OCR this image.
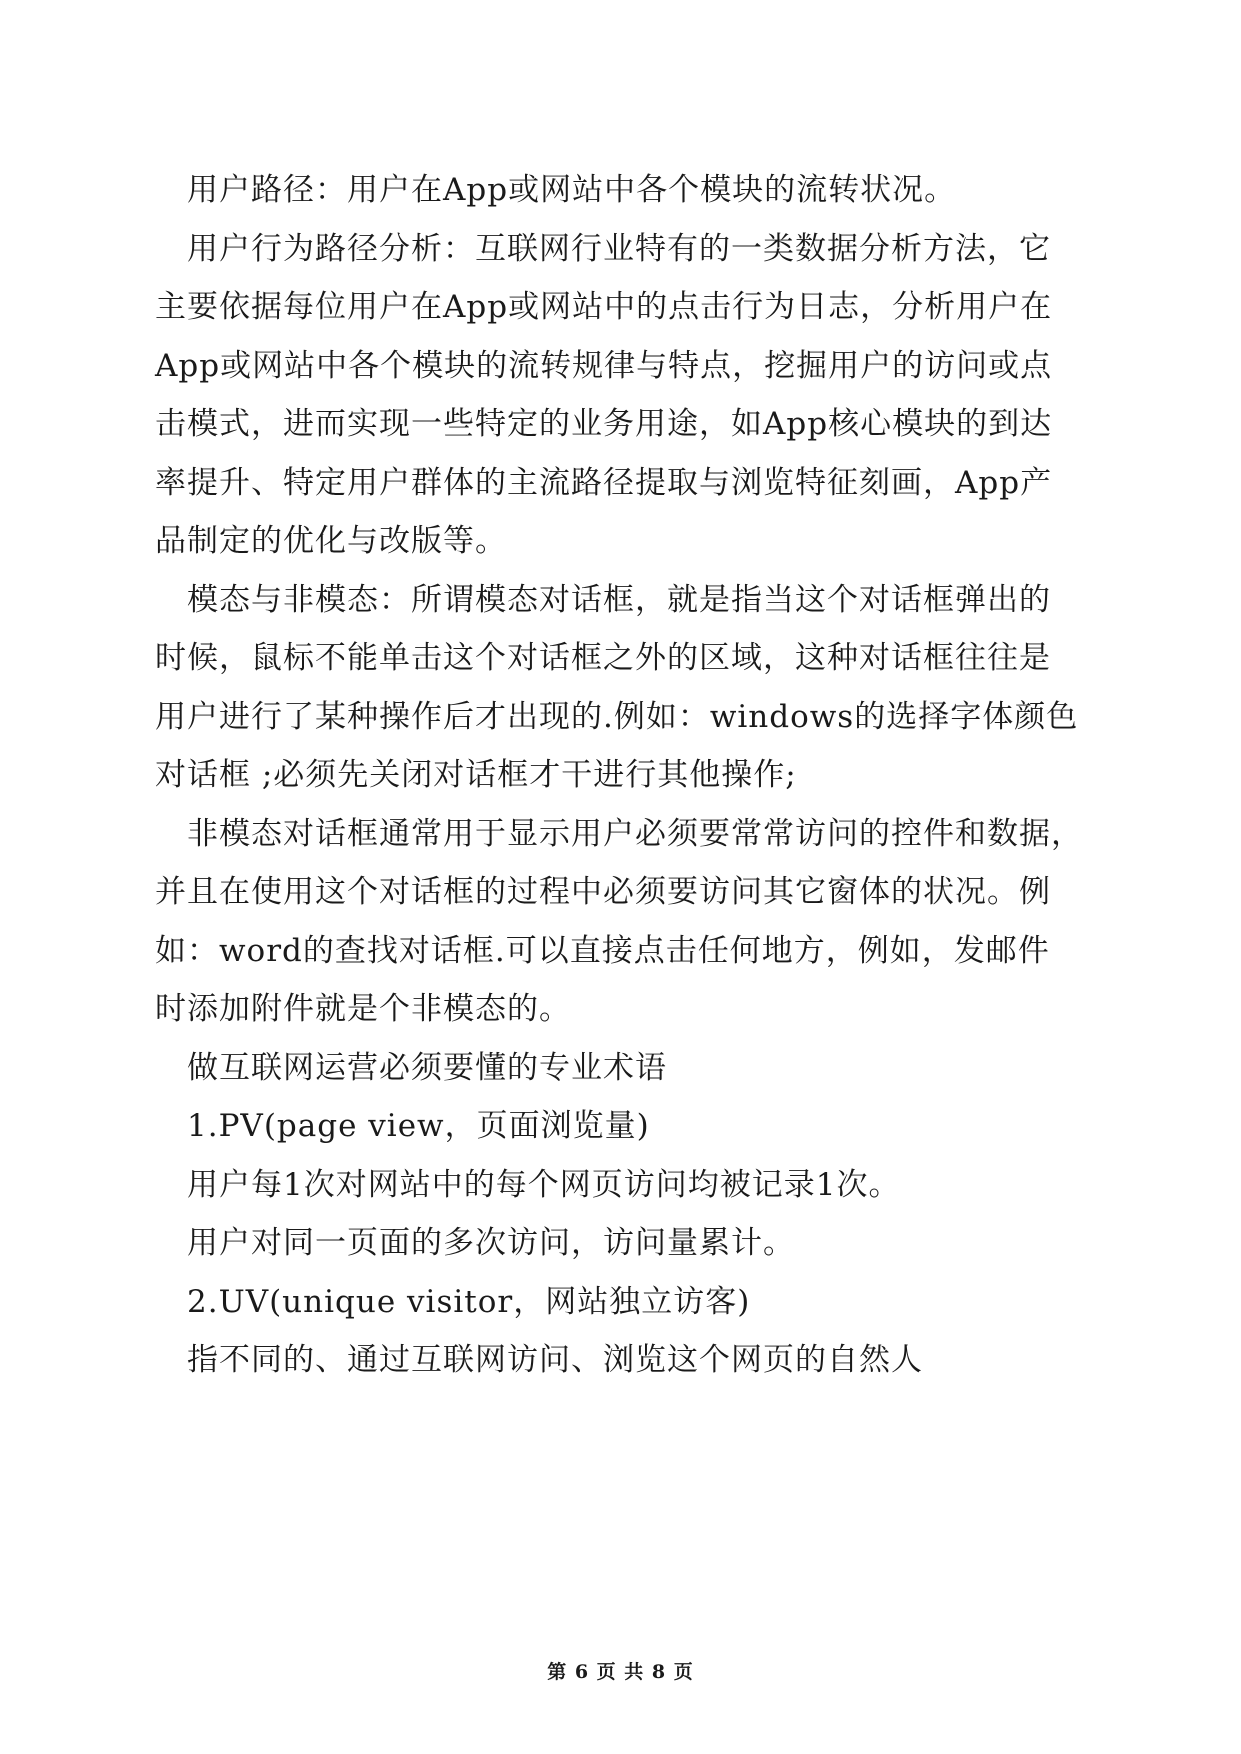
用户路径：用户在App或网站中各个模块的流转状况。
用户行为路径分析：互联网行业特有的一类数据分析方法，它
主要依据每位用户在App或网站中的点击行为日志，分析用户在
App或网站中各个模块的流转规律与特点，挖掘用户的访问或点
击模式，进而实现一些特定的业务用途，如App核心模块的到达
率提升、特定用户群体的主流路径提取与浏览特征刻画，App产
品制定的优化与改版等。
模态与非模态：所谓模态对话框，就是指当这个对话框弹出的
时候，鼠标不能单击这个对话框之外的区域，这种对话框往往是
用户进行了某种操作后才出现的.例如：windows的选择字体颜色
对话框 ;必须先关闭对话框才干进行其他操作;
非模态对话框通常用于显示用户必须要常常访问的控件和数据，
并且在使用这个对话框的过程中必须要访问其它窗体的状况。例
如：word的查找对话框.可以直接点击任何地方，例如，发邮件
时添加附件就是个非模态的。
做互联网运营必须要懂的专业术语
1.PV(page view，页面浏览量)
用户每1次对网站中的每个网页访问均被记录1次。
用户对同一页面的多次访问，访问量累计。
2.UV(unique visitor，网站独立访客)
指不同的、通过互联网访问、浏览这个网页的自然人
第 6 页 共 8 页
